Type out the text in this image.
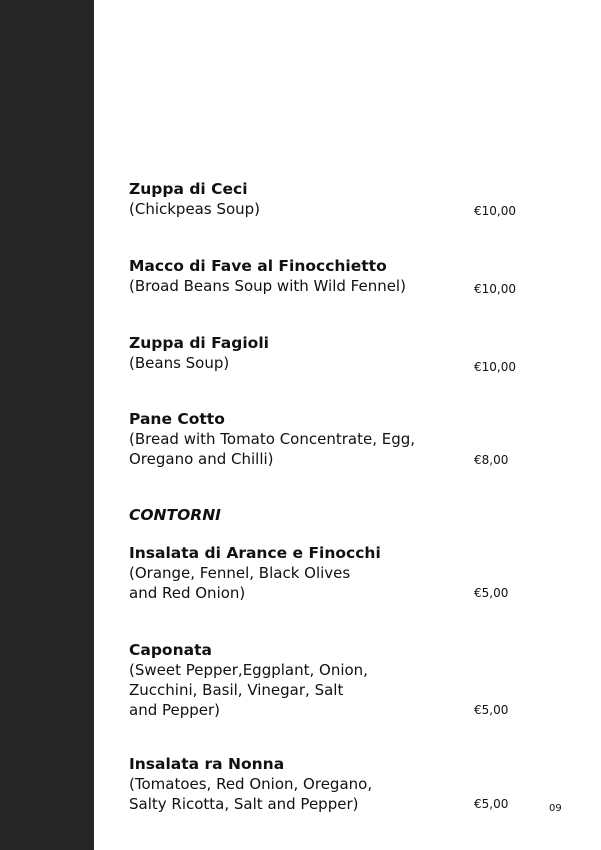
Zuppa di Ceci

(Chickpeas Soup)	€10,00

Macco di Fave al Finocchietto

(Broad Beans Soup with Wild Fennel)	€10,00

Zuppa di Fagioli

(Beans Soup)	€10,00

Pane Cotto

(Bread with Tomato Concentrate, Egg,
Oregano and Chilli)	€8,00

CONTORNI

Insalata di Arance e Finocchi

(Orange, Fennel, Black Olives
and Red Onion)	€5,00

Caponata

(Sweet Pepper,Eggplant, Onion,
Zucchini, Basil, Vinegar, Salt
and Pepper)	€5,00

Insalata ra Nonna

(Tomatoes, Red Onion, Oregano,
Salty Ricotta, Salt and Pepper)	€5,00	09
